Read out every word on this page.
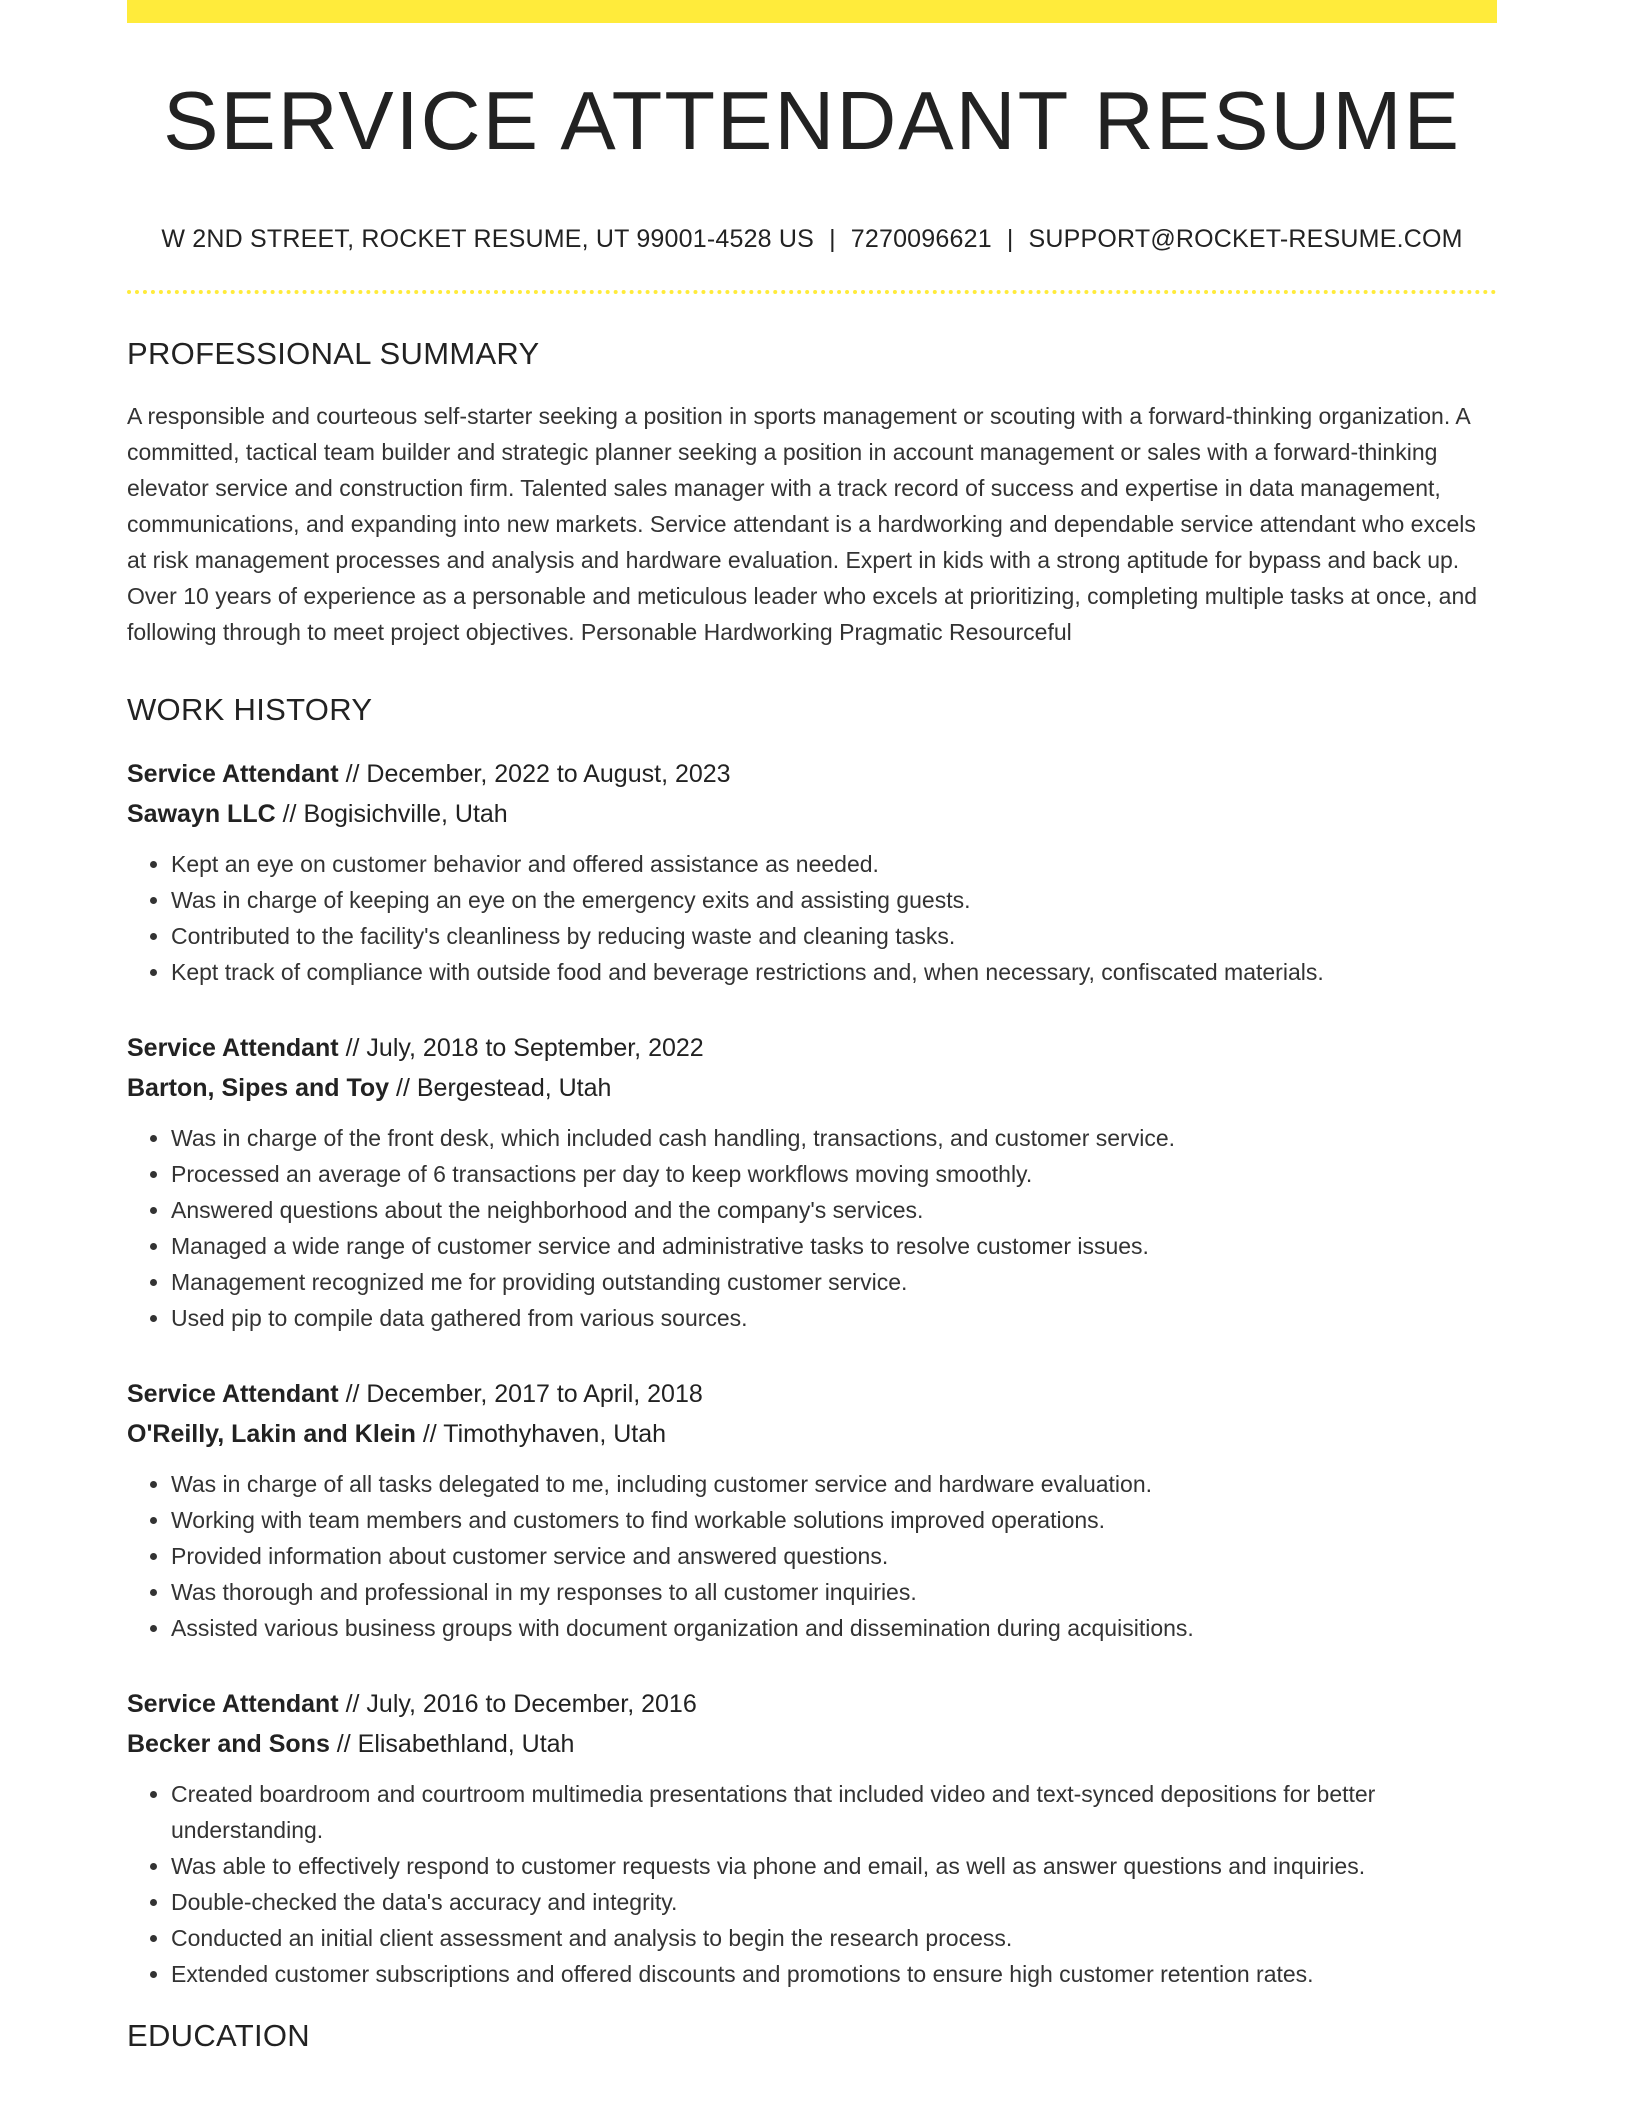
SERVICE ATTENDANT RESUME
W 2ND STREET, ROCKET RESUME, UT 99001-4528 US | 7270096621 | SUPPORT@ROCKET-RESUME.COM
PROFESSIONAL SUMMARY

A responsible and courteous self-starter seeking a position in sports management or scouting with a forward-thinking organization. A committed, tactical team builder and strategic planner seeking a position in account management or sales with a forward-thinking elevator service and construction firm. Talented sales manager with a track record of success and expertise in data management, communications, and expanding into new markets. Service attendant is a hardworking and dependable service attendant who excels at risk management processes and analysis and hardware evaluation. Expert in kids with a strong aptitude for bypass and back up. Over 10 years of experience as a personable and meticulous leader who excels at prioritizing, completing multiple tasks at once, and following through to meet project objectives. Personable Hardworking Pragmatic Resourceful

WORK HISTORY
Service Attendant // December, 2022 to August, 2023
Sawayn LLC // Bogisichville, Utah
• Kept an eye on customer behavior and offered assistance as needed.
• Was in charge of keeping an eye on the emergency exits and assisting guests.
• Contributed to the facility's cleanliness by reducing waste and cleaning tasks.
• Kept track of compliance with outside food and beverage restrictions and, when necessary, confiscated materials.
Service Attendant // July, 2018 to September, 2022
Barton, Sipes and Toy // Bergestead, Utah
• Was in charge of the front desk, which included cash handling, transactions, and customer service.
• Processed an average of 6 transactions per day to keep workflows moving smoothly.
• Answered questions about the neighborhood and the company's services.
• Managed a wide range of customer service and administrative tasks to resolve customer issues.
• Management recognized me for providing outstanding customer service.
• Used pip to compile data gathered from various sources.
Service Attendant // December, 2017 to April, 2018
O'Reilly, Lakin and Klein // Timothyhaven, Utah
• Was in charge of all tasks delegated to me, including customer service and hardware evaluation.
• Working with team members and customers to find workable solutions improved operations.
• Provided information about customer service and answered questions.
• Was thorough and professional in my responses to all customer inquiries.
• Assisted various business groups with document organization and dissemination during acquisitions.
Service Attendant // July, 2016 to December, 2016
Becker and Sons // Elisabethland, Utah
• Created boardroom and courtroom multimedia presentations that included video and text-synced depositions for better understanding.
• Was able to effectively respond to customer requests via phone and email, as well as answer questions and inquiries.
• Double-checked the data's accuracy and integrity.
• Conducted an initial client assessment and analysis to begin the research process.
• Extended customer subscriptions and offered discounts and promotions to ensure high customer retention rates.
EDUCATION
